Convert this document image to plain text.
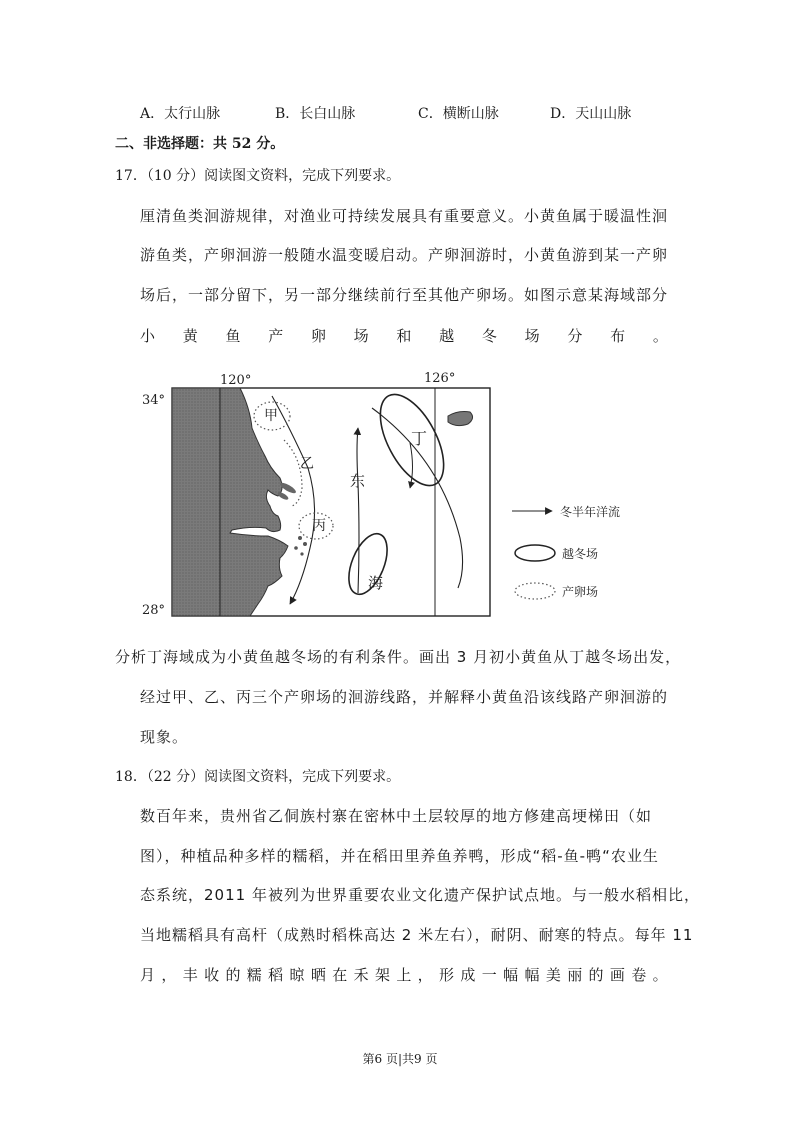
A．太行山脉	B．长白山脉	C．横断山脉	D．天山山脉
二、非选择题：共 52 分。
17．（10 分）阅读图文资料，完成下列要求。
厘清鱼类洄游规律，对渔业可持续发展具有重要意义。小黄鱼属于暖温性洄
游鱼类，产卵洄游一般随水温变暖启动。产卵洄游时，小黄鱼游到某一产卵
场后，一部分留下，另一部分继续前行至其他产卵场。如图示意某海域部分
小 黄 鱼 产 卵 场 和 越 冬 场 分 布 。
甲
乙
丙
丁
东
海
120°	126°
34°
28°
冬半年洋流
越冬场
产卵场
分析丁海域成为小黄鱼越冬场的有利条件。画出 3 月初小黄鱼从丁越冬场出发，
经过甲、乙、丙三个产卵场的洄游线路，并解释小黄鱼沿该线路产卵洄游的
现象。
18．（22 分）阅读图文资料，完成下列要求。
数百年来，贵州省乙侗族村寨在密林中土层较厚的地方修建高埂梯田（如
图），种植品种多样的糯稻，并在稻田里养鱼养鸭，形成“稻-鱼-鸭“农业生
态系统，2011 年被列为世界重要农业文化遗产保护试点地。与一般水稻相比，
当地糯稻具有高杆（成熟时稻株高达 2 米左右），耐阴、耐寒的特点。每年 11
月 ， 丰 收 的 糯 稻 晾 晒 在 禾 架 上 ， 形 成 一 幅 幅 美 丽 的 画 卷 。
第6 页|共9 页
